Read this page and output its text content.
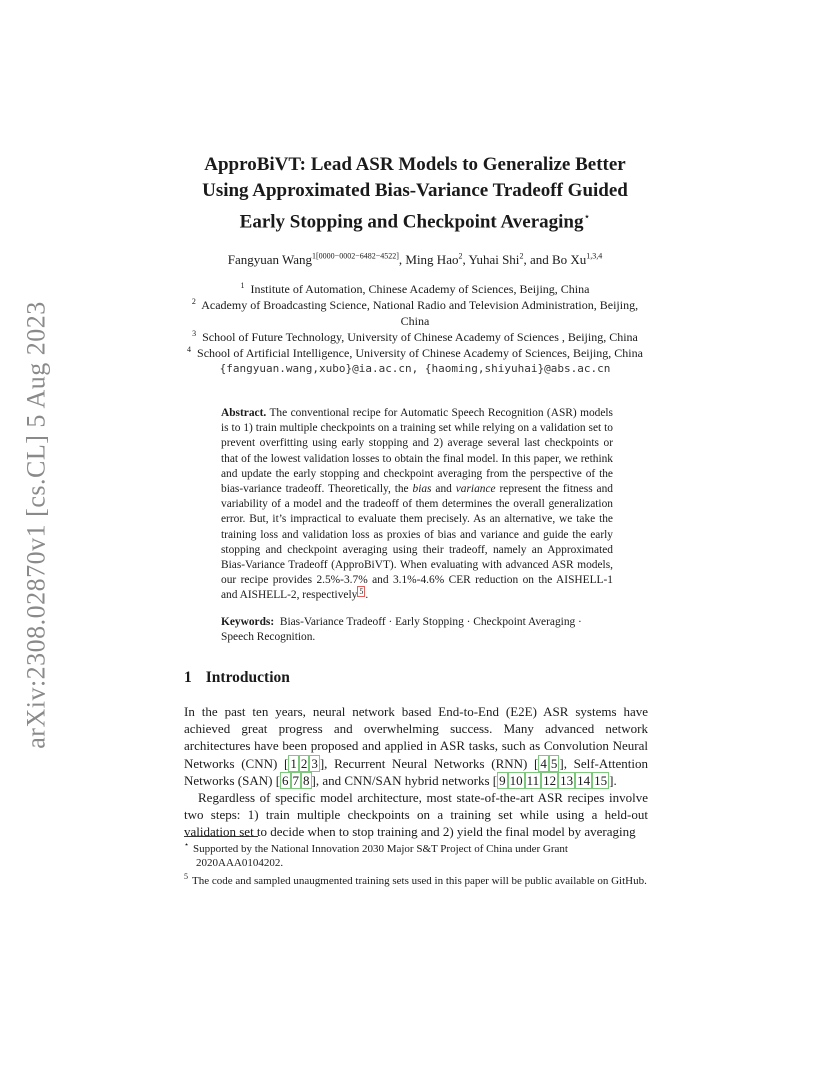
arXiv:2308.02870v1 [cs.CL] 5 Aug 2023
ApproBiVT: Lead ASR Models to Generalize Better
Using Approximated Bias-Variance Tradeoff Guided
Early Stopping and Checkpoint Averaging⋆
Fangyuan Wang$^{1[0000-0002-6482-4522]}$, Ming Hao$^2$, Yuhai Shi$^2$, and Bo Xu$^{1,3,4}$
$^1$ Institute of Automation, Chinese Academy of Sciences, Beijing, China
$^2$ Academy of Broadcasting Science, National Radio and Television Administration, Beijing, China
$^3$ School of Future Technology, University of Chinese Academy of Sciences , Beijing, China
$^4$ School of Artificial Intelligence, University of Chinese Academy of Sciences, Beijing, China
{fangyuan.wang,xubo}@ia.ac.cn, {haoming,shiyuhai}@abs.ac.cn
Abstract. The conventional recipe for Automatic Speech Recognition (ASR) models is to 1) train multiple checkpoints on a training set while relying on a validation set to prevent overfitting using early stopping and 2) average several last checkpoints or that of the lowest validation losses to obtain the final model. In this paper, we rethink and update the early stopping and checkpoint averaging from the perspective of the bias-variance tradeoff. Theoretically, the bias and variance represent the fitness and variability of a model and the tradeoff of them determines the overall generalization error. But, it’s impractical to evaluate them precisely. As an alternative, we take the training loss and validation loss as proxies of bias and variance and guide the early stopping and checkpoint averaging using their tradeoff, namely an Approximated Bias-Variance Tradeoff (ApproBiVT). When evaluating with advanced ASR models, our recipe provides 2.5%-3.7% and 3.1%-4.6% CER reduction on the AISHELL-1 and AISHELL-2, respectively $^5$ .
Keywords: Bias-Variance Tradeoff · Early Stopping · Checkpoint Averaging · Speech Recognition.
1 Introduction

In the past ten years, neural network based End-to-End (E2E) ASR systems have achieved great progress and overwhelming success. Many advanced network architectures have been proposed and applied in ASR tasks, such as Convolution Neural Networks (CNN) [ 1 2 3 ], Recurrent Neural Networks (RNN) [ 4 5 ], Self-Attention Networks (SAN) [ 6 7 8 ], and CNN/SAN hybrid networks [ 9 10 11 12 13 14 15 ].

Regardless of specific model architecture, most state-of-the-art ASR recipes involve two steps: 1) train multiple checkpoints on a training set while using a held-out validation set to decide when to stop training and 2) yield the final model by averaging

⋆ Supported by the National Innovation 2030 Major S&T Project of China under Grant 2020AAA0104202.
$^5$ The code and sampled unaugmented training sets used in this paper will be public available on GitHub.
